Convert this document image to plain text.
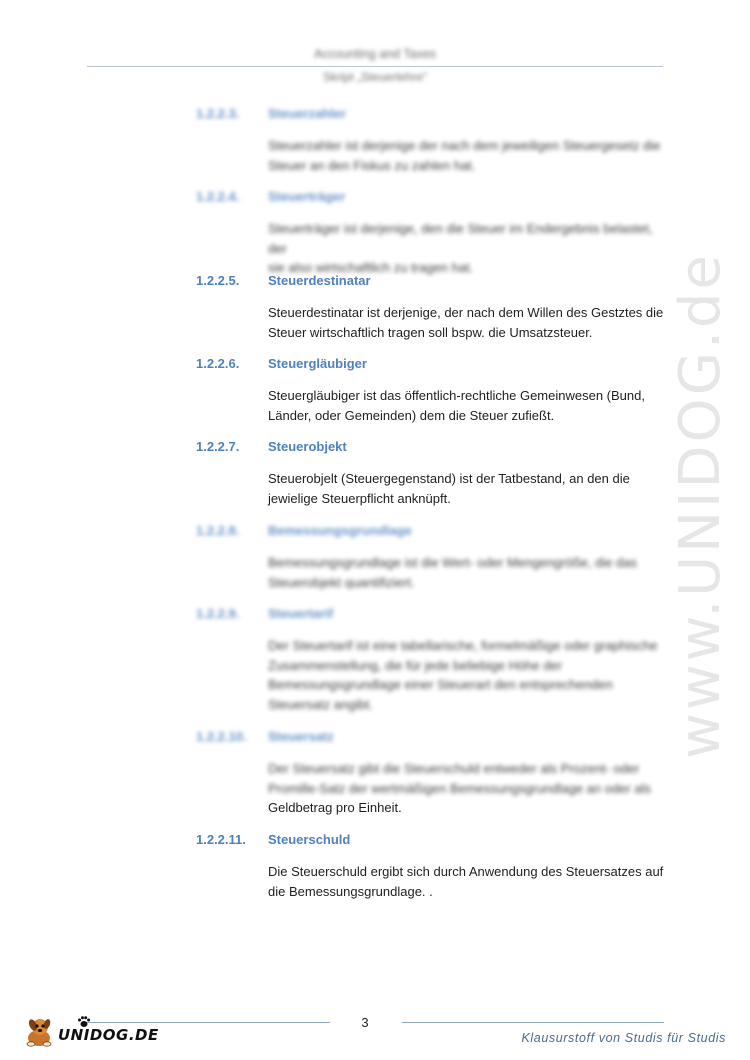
www.UNIDOG.de
Accounting and Taxes
Skript „Steuerlehre“
1.2.2.3. Steuerzahler
Steuerzahler ist derjenige der nach dem jeweiligen Steuergesetz die
Steuer an den Fiskus zu zahlen hat.
1.2.2.4. Steuerträger
Steuerträger ist derjenige, den die Steuer im Endergebnis belastet, der
sie also wirtschaftlich zu tragen hat.
1.2.2.5. Steuerdestinatar
Steuerdestinatar ist derjenige, der nach dem Willen des Gestztes die
Steuer wirtschaftlich tragen soll bspw. die Umsatzsteuer.
1.2.2.6. Steuergläubiger
Steuergläubiger ist das öffentlich-rechtliche Gemeinwesen (Bund,
Länder, oder Gemeinden) dem die Steuer zufießt.
1.2.2.7. Steuerobjekt
Steuerobjelt (Steuergegenstand) ist der Tatbestand, an den die
jewielige Steuerpflicht anknüpft.
1.2.2.8. Bemessungsgrundlage
Bemessungsgrundlage ist die Wert- oder Mengengröße, die das
Steuerobjekt quantifiziert.
1.2.2.9. Steuertarif
Der Steuertarif ist eine tabellarische, formelmäßige oder graphische
Zusammenstellung, die für jede beliebige Höhe der
Bemessungsgrundlage einer Steuerart den entsprechenden
Steuersatz angibt.
1.2.2.10. Steuersatz
Der Steuersatz gibt die Steuerschuld entweder als Prozent- oder
Promille-Satz der wertmäßigen Bemessungsgrundlage an oder als
Geldbetrag pro Einheit.
1.2.2.11. Steuerschuld
Die Steuerschuld ergibt sich durch Anwendung des Steuersatzes auf
die Bemessungsgrundlage. .
3
UNIDOG.DE	Klausurstoff von Studis für Studis
